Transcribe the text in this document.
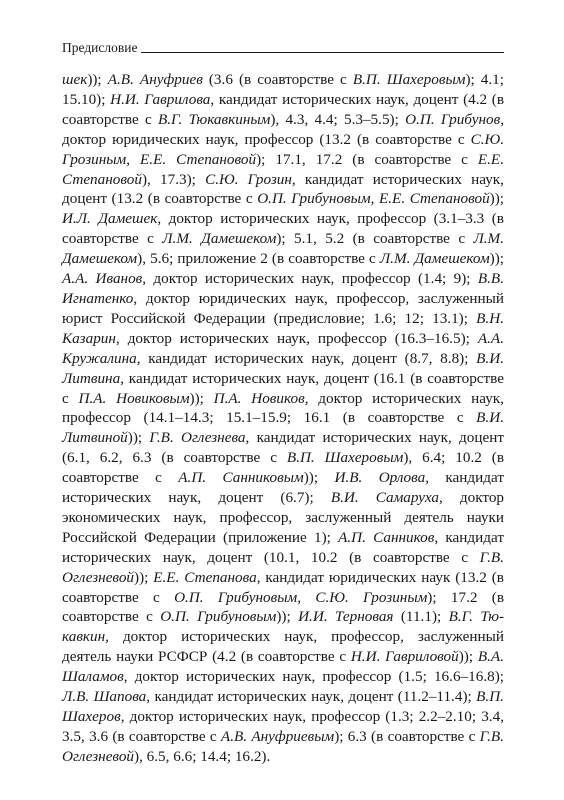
Предисловие

шек)); А.В. Ануфриев (3.6 (в соавторстве с В.П. Шахеровым); 4.1; 15.10); Н.И. Гаврилова, кандидат исторических наук, доцент (4.2 (в соавторстве с В.Г. Тюкавкиным), 4.3, 4.4; 5.3–5.5); О.П. Грибунов, доктор юридических наук, профессор (13.2 (в соавторстве с С.Ю. Грозиным, Е.Е. Степановой); 17.1, 17.2 (в соавторстве с Е.Е. Степановой), 17.3); С.Ю. Грозин, кандидат исторических наук, доцент (13.2 (в соавторстве с О.П. Грибуновым, Е.Е. Степановой)); И.Л. Дамешек, доктор исторических наук, профессор (3.1–3.3 (в соавторстве с Л.М. Дамешеком); 5.1, 5.2 (в соавторстве с Л.М. Дамешеком), 5.6; приложение 2 (в соавторстве с Л.М. Дамешеком)); А.А. Иванов, доктор исторических наук, профессор (1.4; 9); В.В. Игнатенко, доктор юридических наук, профессор, заслуженный юрист Российской Федерации (предисловие; 1.6; 12; 13.1); В.Н. Казарин, доктор исторических наук, профессор (16.3–16.5); А.А. Кружалина, кандидат исторических наук, доцент (8.7, 8.8); В.И. Литвина, кандидат исторических наук, доцент (16.1 (в соавторстве с П.А. Новиковым)); П.А. Новиков, доктор исторических наук, профессор (14.1–14.3; 15.1–15.9; 16.1 (в соавторстве с В.И. Литвиной)); Г.В. Оглезнева, кандидат исторических наук, доцент (6.1, 6.2, 6.3 (в соавторстве с В.П. Шахеровым), 6.4; 10.2 (в соавторстве с А.П. Санниковым)); И.В. Орлова, кандидат исторических наук, доцент (6.7); В.И. Самаруха, доктор экономических наук, профессор, заслуженный деятель науки Российской Федерации (приложение 1); А.П. Санников, кандидат исторических наук, доцент (10.1, 10.2 (в соавторстве с Г.В. Оглезневой)); Е.Е. Степанова, кандидат юридических наук (13.2 (в соавторстве с О.П. Грибуновым, С.Ю. Грозиным); 17.2 (в соавторстве с О.П. Грибуновым)); И.И. Терновая (11.1); В.Г. Тюкавкин, доктор исторических наук, профессор, заслуженный деятель науки РСФСР (4.2 (в соавторстве с Н.И. Гавриловой)); В.А. Шаламов, доктор исторических наук, профессор (1.5; 16.6–16.8); Л.В. Шапова, кандидат исторических наук, доцент (11.2–11.4); В.П. Шахеров, доктор исторических наук, профессор (1.3; 2.2–2.10; 3.4, 3.5, 3.6 (в соавторстве с А.В. Ануфриевым); 6.3 (в соавторстве с Г.В. Оглезневой), 6.5, 6.6; 14.4; 16.2).
